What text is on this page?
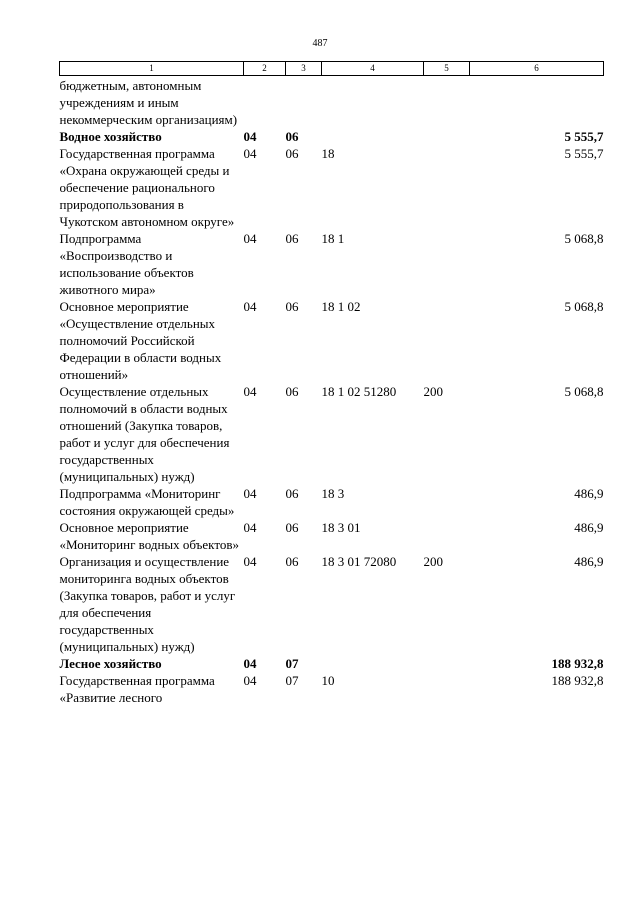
487
1	2	3	4	5	6
бюджетным, автономным учреждениям и иным некоммерческим организациям)					
Водное хозяйство	04	06			5 555,7
Государственная программа «Охрана окружающей среды и обеспечение рационального природопользования в Чукотском автономном округе»	04	06	18		5 555,7
Подпрограмма «Воспроизводство и использование объектов животного мира»	04	06	18 1		5 068,8
Основное мероприятие «Осуществление отдельных полномочий Российской Федерации в области водных отношений»	04	06	18 1 02		5 068,8
Осуществление отдельных полномочий в области водных отношений (Закупка товаров, работ и услуг для обеспечения государственных (муниципальных) нужд)	04	06	18 1 02 51280	200	5 068,8
Подпрограмма «Мониторинг состояния окружающей среды»	04	06	18 3		486,9
Основное мероприятие «Мониторинг водных объектов»	04	06	18 3 01		486,9
Организация и осуществление мониторинга водных объектов (Закупка товаров, работ и услуг для обеспечения государственных (муниципальных) нужд)	04	06	18 3 01 72080	200	486,9
Лесное хозяйство	04	07			188 932,8
Государственная программа «Развитие лесного	04	07	10		188 932,8
